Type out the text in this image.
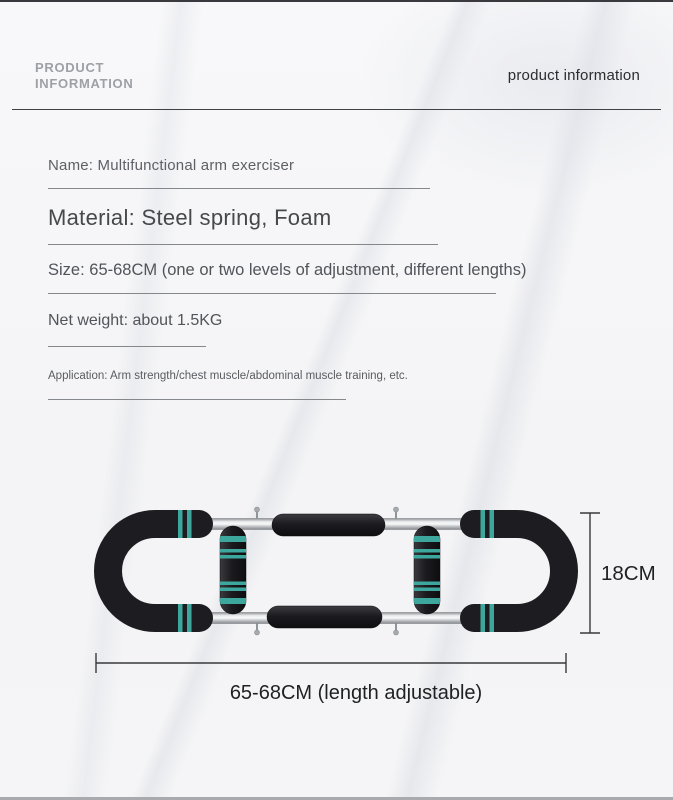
PRODUCT INFORMATION	product information
Name: Multifunctional arm exerciser
Material: Steel spring, Foam
Size: 65-68CM (one or two levels of adjustment, different lengths)
Net weight: about 1.5KG
Application: Arm strength/chest muscle/abdominal muscle training, etc.
18CM
65-68CM (length adjustable)
